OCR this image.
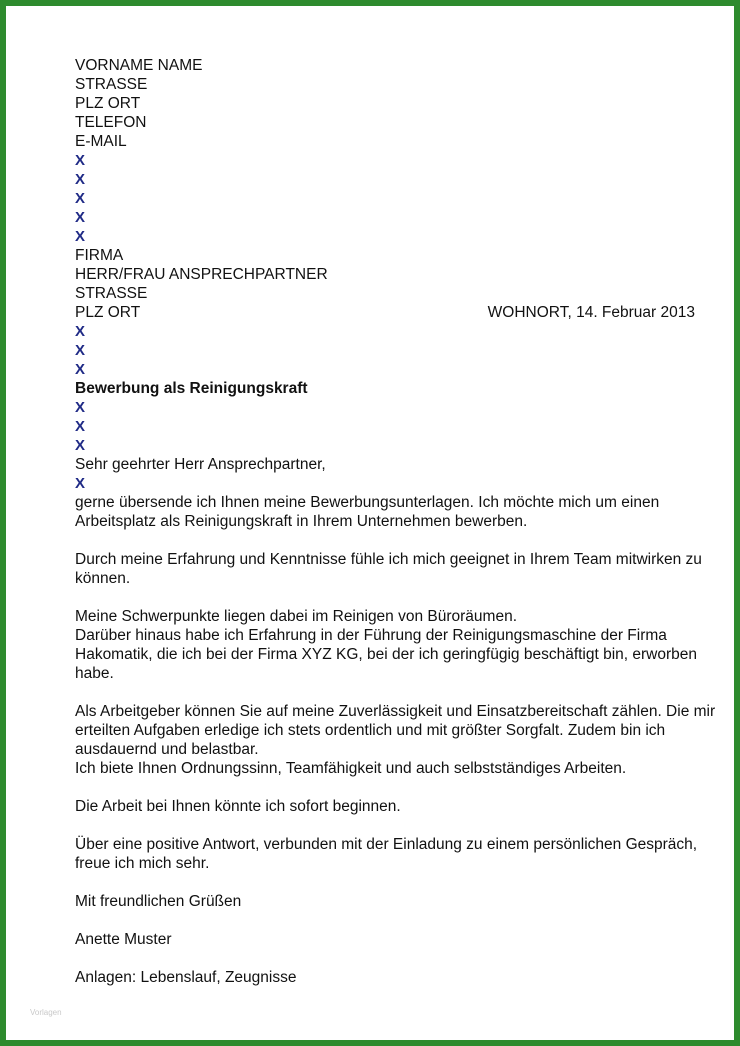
VORNAME NAME
STRASSE
PLZ ORT
TELEFON
E-MAIL
X
X
X
X
X
FIRMA
HERR/FRAU ANSPRECHPARTNER
STRASSE
PLZ ORT	WOHNORT, 14. Februar 2013
X
X
X
Bewerbung als Reinigungskraft
X
X
X
Sehr geehrter Herr Ansprechpartner,
X
gerne übersende ich Ihnen meine Bewerbungsunterlagen. Ich möchte mich um einen
Arbeitsplatz als Reinigungskraft in Ihrem Unternehmen bewerben.
Durch meine Erfahrung und Kenntnisse fühle ich mich geeignet in Ihrem Team mitwirken zu
können.
Meine Schwerpunkte liegen dabei im Reinigen von Büroräumen.
Darüber hinaus habe ich Erfahrung in der Führung der Reinigungsmaschine der Firma
Hakomatik, die ich bei der Firma XYZ KG, bei der ich geringfügig beschäftigt bin, erworben
habe.
Als Arbeitgeber können Sie auf meine Zuverlässigkeit und Einsatzbereitschaft zählen. Die mir
erteilten Aufgaben erledige ich stets ordentlich und mit größter Sorgfalt. Zudem bin ich
ausdauernd und belastbar.
Ich biete Ihnen Ordnungssinn, Teamfähigkeit und auch selbstständiges Arbeiten.
Die Arbeit bei Ihnen könnte ich sofort beginnen.
Über eine positive Antwort, verbunden mit der Einladung zu einem persönlichen Gespräch,
freue ich mich sehr.
Mit freundlichen Grüßen
Anette Muster
Anlagen: Lebenslauf, Zeugnisse
Vorlagen
